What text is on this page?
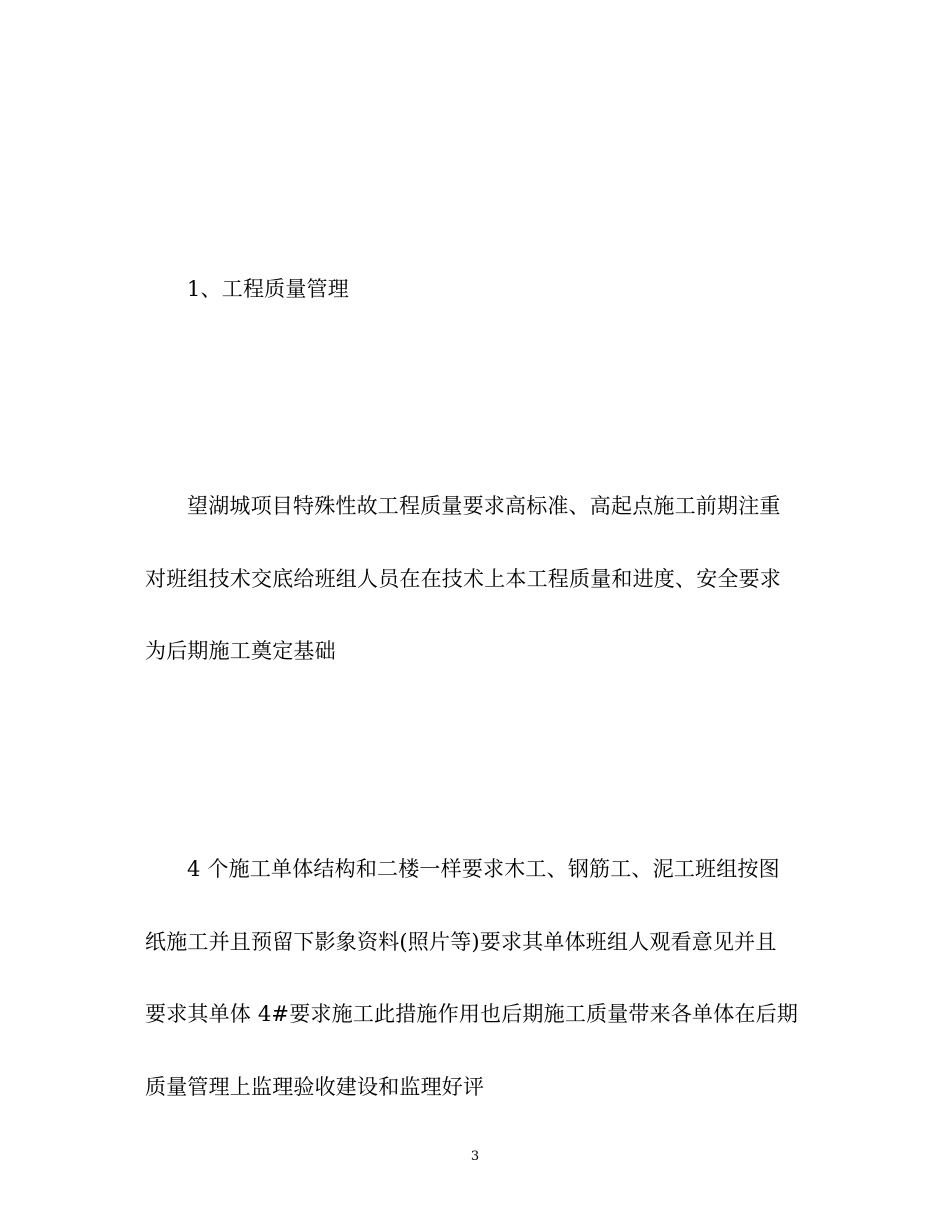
1、工程质量管理
望湖城项目特殊性故工程质量要求高标准、高起点施工前期注重
对班组技术交底给班组人员在在技术上本工程质量和进度、安全要求
为后期施工奠定基础
4 个施工单体结构和二楼一样要求木工、钢筋工、泥工班组按图
纸施工并且预留下影象资料(照片等)要求其单体班组人观看意见并且
要求其单体 4#要求施工此措施作用也后期施工质量带来各单体在后期
质量管理上监理验收建设和监理好评
3
